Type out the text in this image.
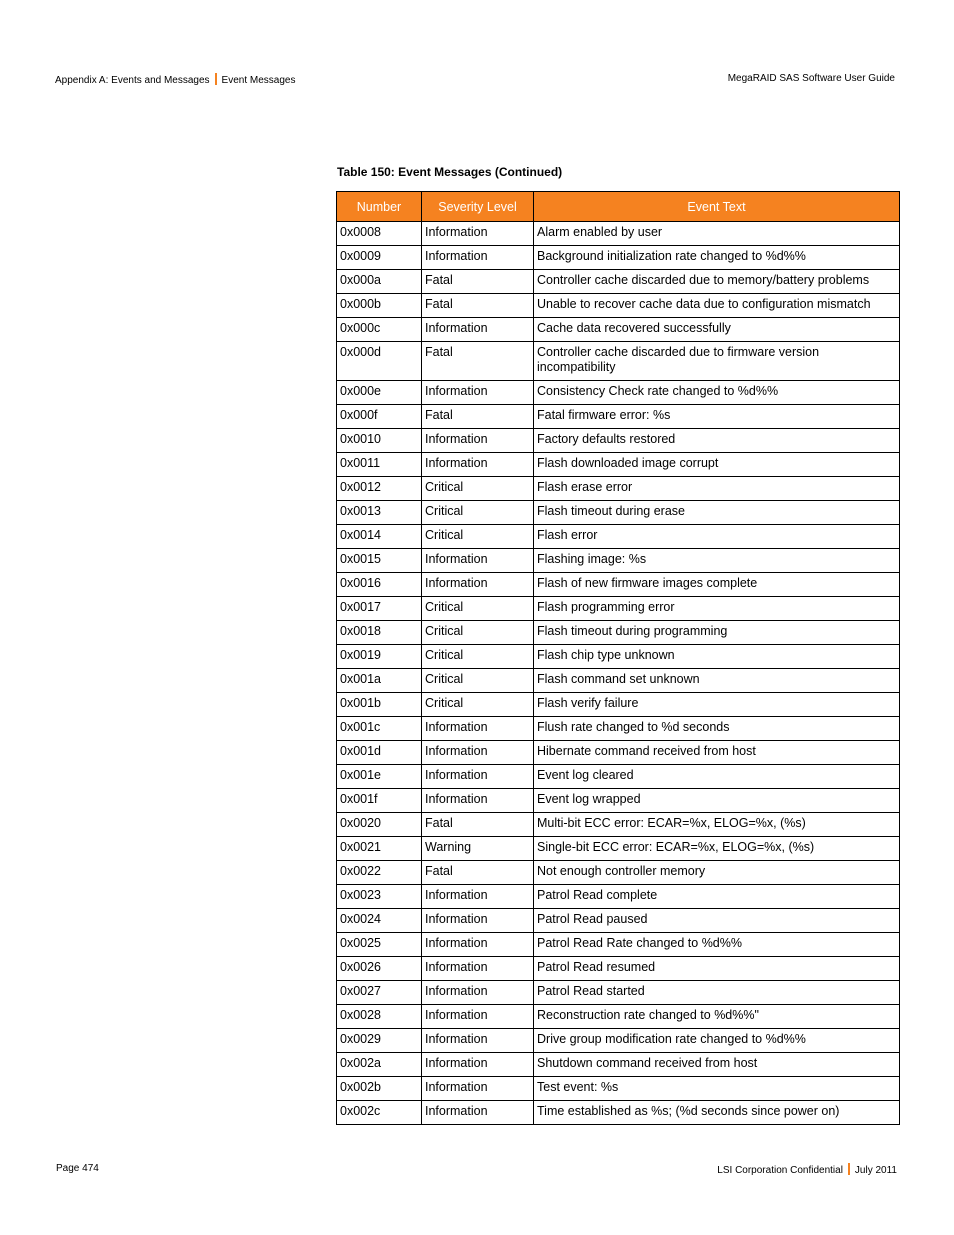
Appendix A: Events and Messages Event Messages	MegaRAID SAS Software User Guide
Table 150: Event Messages (Continued)
Number	Severity Level	Event Text
0x0008	Information	Alarm enabled by user
0x0009	Information	Background initialization rate changed to %d%%
0x000a	Fatal	Controller cache discarded due to memory/battery problems
0x000b	Fatal	Unable to recover cache data due to configuration mismatch
0x000c	Information	Cache data recovered successfully
0x000d	Fatal	Controller cache discarded due to firmware version incompatibility
0x000e	Information	Consistency Check rate changed to %d%%
0x000f	Fatal	Fatal firmware error: %s
0x0010	Information	Factory defaults restored
0x0011	Information	Flash downloaded image corrupt
0x0012	Critical	Flash erase error
0x0013	Critical	Flash timeout during erase
0x0014	Critical	Flash error
0x0015	Information	Flashing image: %s
0x0016	Information	Flash of new firmware images complete
0x0017	Critical	Flash programming error
0x0018	Critical	Flash timeout during programming
0x0019	Critical	Flash chip type unknown
0x001a	Critical	Flash command set unknown
0x001b	Critical	Flash verify failure
0x001c	Information	Flush rate changed to %d seconds
0x001d	Information	Hibernate command received from host
0x001e	Information	Event log cleared
0x001f	Information	Event log wrapped
0x0020	Fatal	Multi-bit ECC error: ECAR=%x, ELOG=%x, (%s)
0x0021	Warning	Single-bit ECC error: ECAR=%x, ELOG=%x, (%s)
0x0022	Fatal	Not enough controller memory
0x0023	Information	Patrol Read complete
0x0024	Information	Patrol Read paused
0x0025	Information	Patrol Read Rate changed to %d%%
0x0026	Information	Patrol Read resumed
0x0027	Information	Patrol Read started
0x0028	Information	Reconstruction rate changed to %d%%"
0x0029	Information	Drive group modification rate changed to %d%%
0x002a	Information	Shutdown command received from host
0x002b	Information	Test event: %s
0x002c	Information	Time established as %s; (%d seconds since power on)
Page 474	LSI Corporation Confidential July 2011
